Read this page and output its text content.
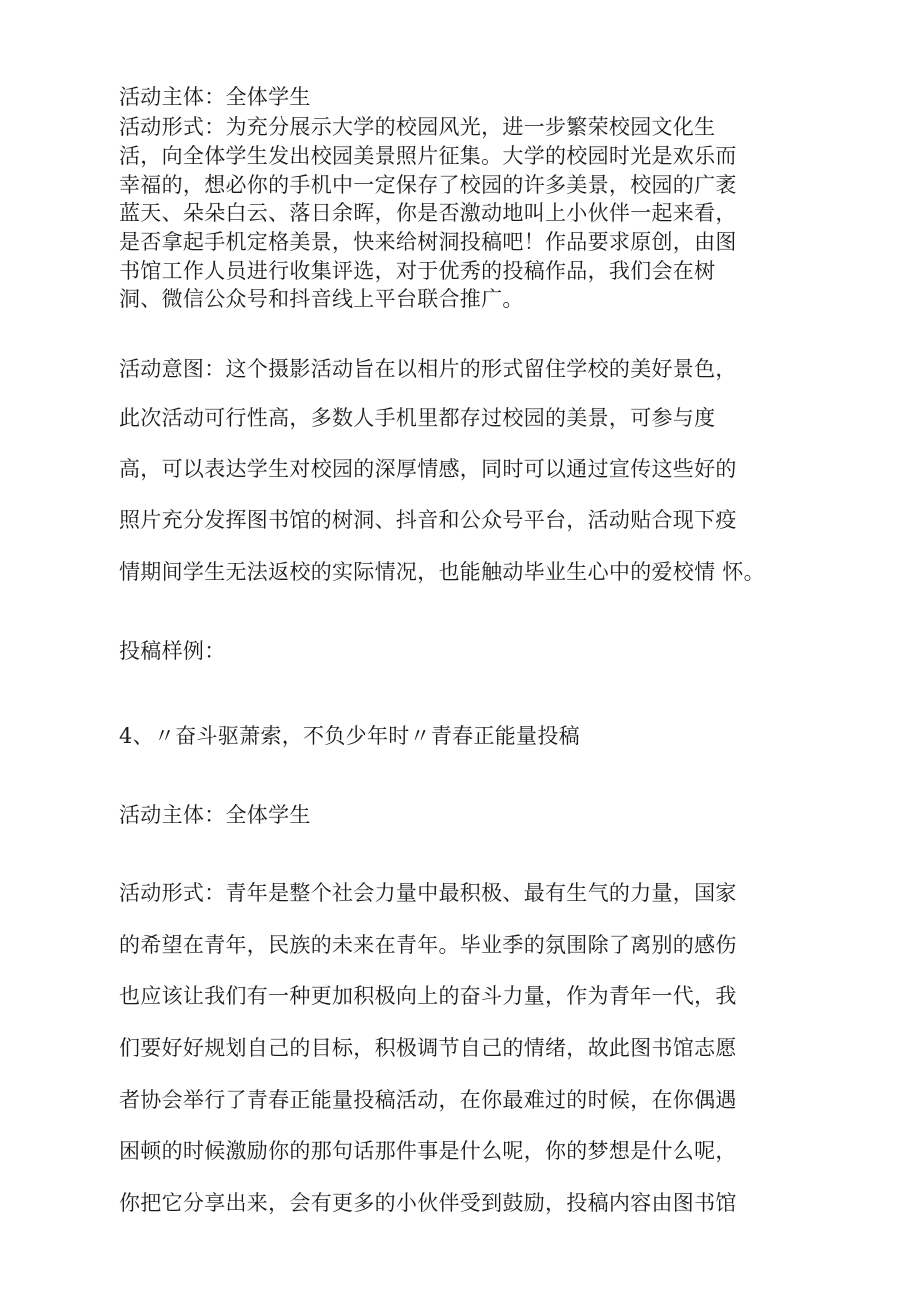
活动主体：全体学生
活动形式：为充分展示大学的校园风光，进一步繁荣校园文化生
活，向全体学生发出校园美景照片征集。大学的校园时光是欢乐而
幸福的，想必你的手机中一定保存了校园的许多美景，校园的广袤
蓝天、朵朵白云、落日余晖，你是否激动地叫上小伙伴一起来看，
是否拿起手机定格美景，快来给树洞投稿吧！作品要求原创，由图
书馆工作人员进行收集评选，对于优秀的投稿作品，我们会在树
洞、微信公众号和抖音线上平台联合推广。
活动意图：这个摄影活动旨在以相片的形式留住学校的美好景色，
此次活动可行性高，多数人手机里都存过校园的美景，可参与度
高，可以表达学生对校园的深厚情感，同时可以通过宣传这些好的
照片充分发挥图书馆的树洞、抖音和公众号平台，活动贴合现下疫
情期间学生无法返校的实际情况，也能触动毕业生心中的爱校情 怀。
投稿样例：
4、〃奋斗驱萧索，不负少年时〃青春正能量投稿
活动主体：全体学生
活动形式：青年是整个社会力量中最积极、最有生气的力量，国家
的希望在青年，民族的未来在青年。毕业季的氛围除了离别的感伤
也应该让我们有一种更加积极向上的奋斗力量，作为青年一代，我
们要好好规划自己的目标，积极调节自己的情绪，故此图书馆志愿
者协会举行了青春正能量投稿活动，在你最难过的时候，在你偶遇
困顿的时候激励你的那句话那件事是什么呢，你的梦想是什么呢，
你把它分享出来，会有更多的小伙伴受到鼓励，投稿内容由图书馆
